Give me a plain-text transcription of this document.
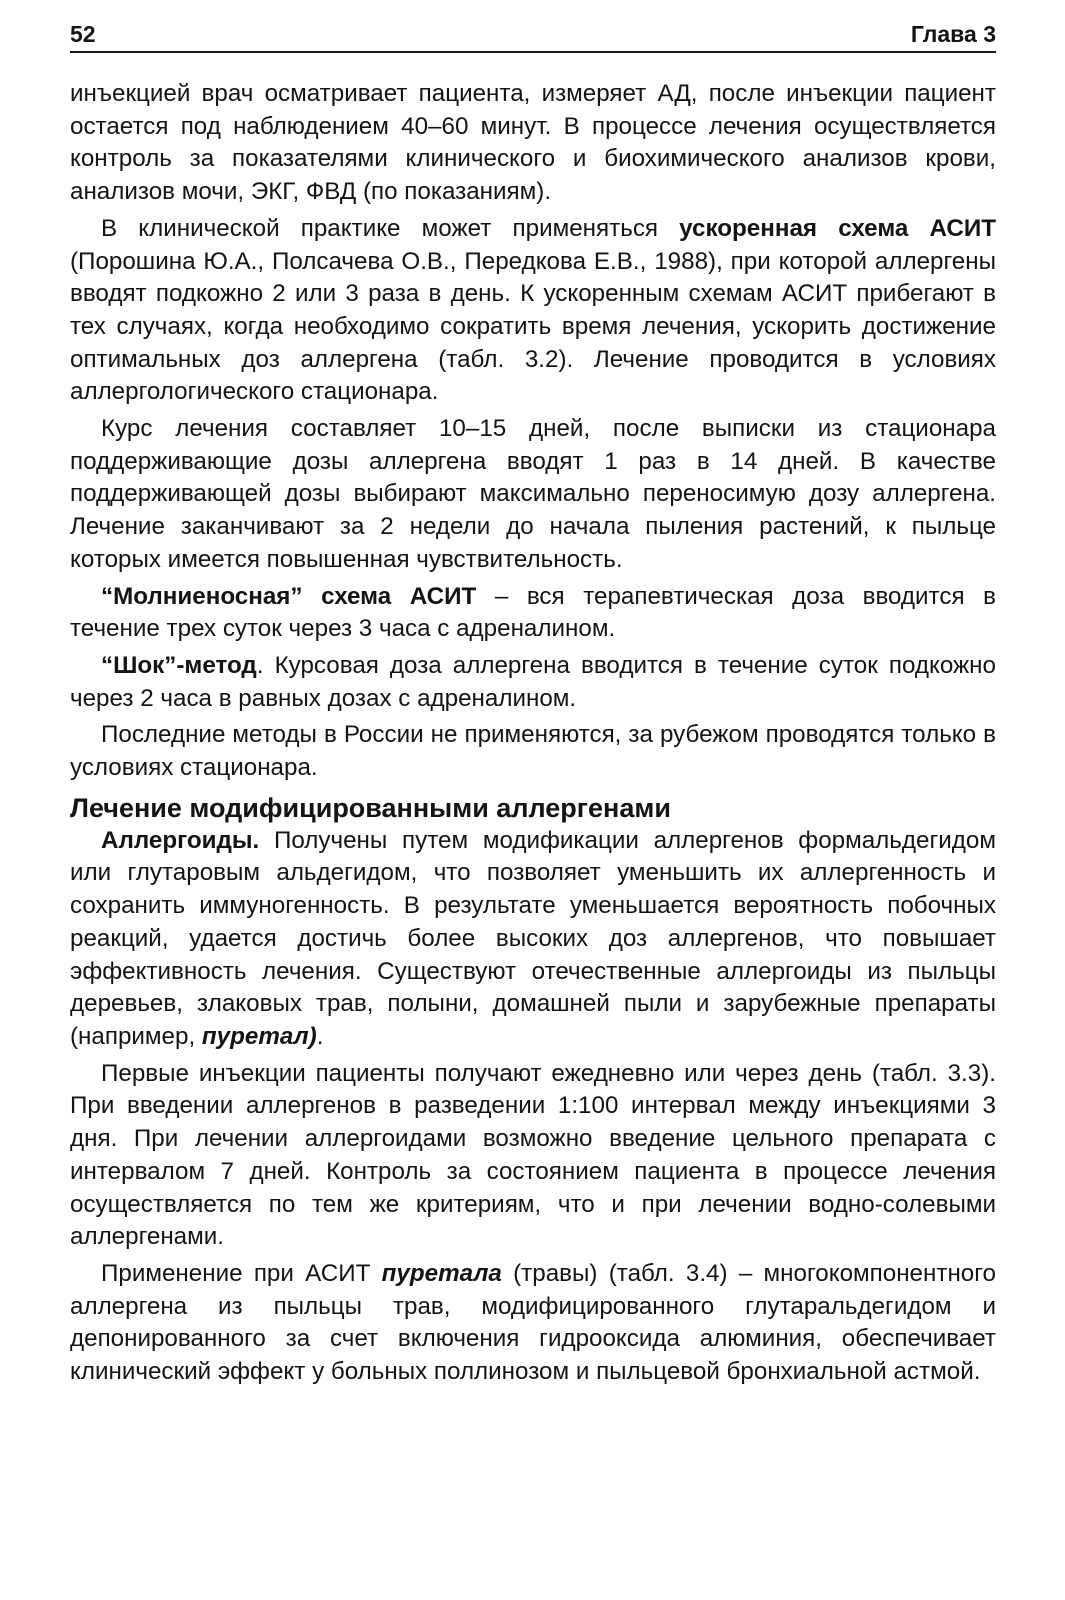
52	Глава 3

инъекцией врач осматривает пациента, измеряет АД, после инъекции пациент остается под наблюдением 40–60 минут. В процессе лечения осуществляется контроль за показателями клинического и биохимического анализов крови, анализов мочи, ЭКГ, ФВД (по показаниям).

В клинической практике может применяться ускоренная схема АСИТ (Порошина Ю.А., Полсачева О.В., Передкова Е.В., 1988), при которой аллергены вводят подкожно 2 или 3 раза в день. К ускоренным схемам АСИТ прибегают в тех случаях, когда необходимо сократить время лечения, ускорить достижение оптимальных доз аллергена (табл. 3.2). Лечение проводится в условиях аллергологического стационара.

Курс лечения составляет 10–15 дней, после выписки из стационара поддерживающие дозы аллергена вводят 1 раз в 14 дней. В качестве поддерживающей дозы выбирают максимально переносимую дозу аллергена. Лечение заканчивают за 2 недели до начала пыления растений, к пыльце которых имеется повышенная чувствительность.

“Молниеносная” схема АСИТ – вся терапевтическая доза вводится в течение трех суток через 3 часа с адреналином.

“Шок”-метод. Курсовая доза аллергена вводится в течение суток подкожно через 2 часа в равных дозах с адреналином.

Последние методы в России не применяются, за рубежом проводятся только в условиях стационара.

Лечение модифицированными аллергенами

Аллергоиды. Получены путем модификации аллергенов формальдегидом или глутаровым альдегидом, что позволяет уменьшить их аллергенность и сохранить иммуногенность. В результате уменьшается вероятность побочных реакций, удается достичь более высоких доз аллергенов, что повышает эффективность лечения. Существуют отечественные аллергоиды из пыльцы деревьев, злаковых трав, полыни, домашней пыли и зарубежные препараты (например, пуретал).

Первые инъекции пациенты получают ежедневно или через день (табл. 3.3). При введении аллергенов в разведении 1:100 интервал между инъекциями 3 дня. При лечении аллергоидами возможно введение цельного препарата с интервалом 7 дней. Контроль за состоянием пациента в процессе лечения осуществляется по тем же критериям, что и при лечении водно-солевыми аллергенами.

Применение при АСИТ пуретала (травы) (табл. 3.4) – многокомпонентного аллергена из пыльцы трав, модифицированного глутаральдегидом и депонированного за счет включения гидрооксида алюминия, обеспечивает клинический эффект у больных поллинозом и пыльцевой бронхиальной астмой.
